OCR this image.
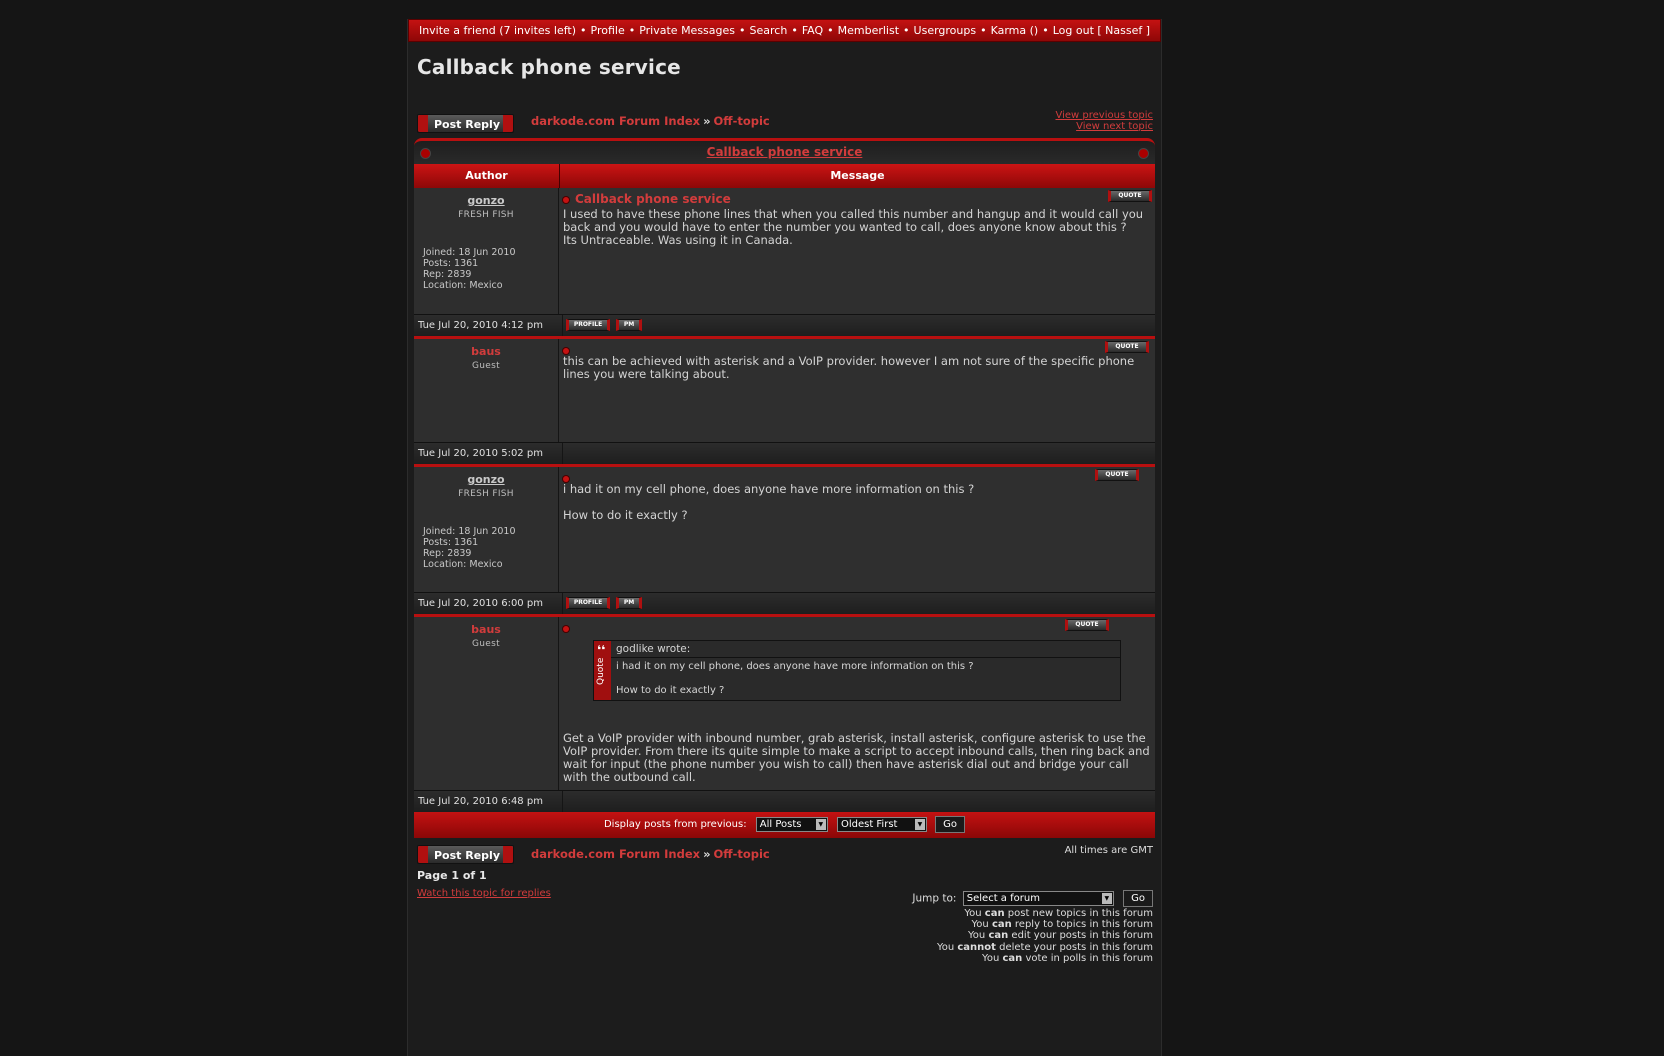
Invite a friend (7 invites left) • Profile • Private Messages • Search • FAQ • Memberlist • Usergroups • Karma () • Log out [ Nassef ]
Callback phone service
Post Reply	darkode.com Forum Index » Off-topic	View previous topic
View next topic
Callback phone service
Author	Message
gonzo
FRESH FISH
Joined: 18 Jun 2010
Posts: 1361
Rep: 2839
Location: Mexico
Callback phone service
I used to have these phone lines that when you called this number and hangup and it would call you back and you would have to enter the number you wanted to call, does anyone know about this ?
Its Untraceable. Was using it in Canada.
QUOTE
Tue Jul 20, 2010 4:12 pm	PROFILE	PM
baus
Guest	this can be achieved with asterisk and a VoIP provider. however I am not sure of the specific phone lines you were talking about.
QUOTE
Tue Jul 20, 2010 5:02 pm
gonzo
FRESH FISH
Joined: 18 Jun 2010
Posts: 1361
Rep: 2839
Location: Mexico
i had it on my cell phone, does anyone have more information on this ?

How to do it exactly ?
QUOTE
Tue Jul 20, 2010 6:00 pm	PROFILE	PM
baus
Guest
QUOTE
❛❛
Quote
godlike wrote:
i had it on my cell phone, does anyone have more information on this ?

How to do it exactly ?
Get a VoIP provider with inbound number, grab asterisk, install asterisk, configure asterisk to use the VoIP provider. From there its quite simple to make a script to accept inbound calls, then ring back and wait for input (the phone number you wish to call) then have asterisk dial out and bridge your call with the outbound call.
Tue Jul 20, 2010 6:48 pm
Display posts from previous: All Posts	▼ Oldest First	▼ Go
Post Reply	darkode.com Forum Index » Off-topic	All times are GMT
Page 1 of 1
Watch this topic for replies	Jump to: Select a forum	▼ Go
You can post new topics in this forum
You can reply to topics in this forum
You can edit your posts in this forum
You cannot delete your posts in this forum
You can vote in polls in this forum
